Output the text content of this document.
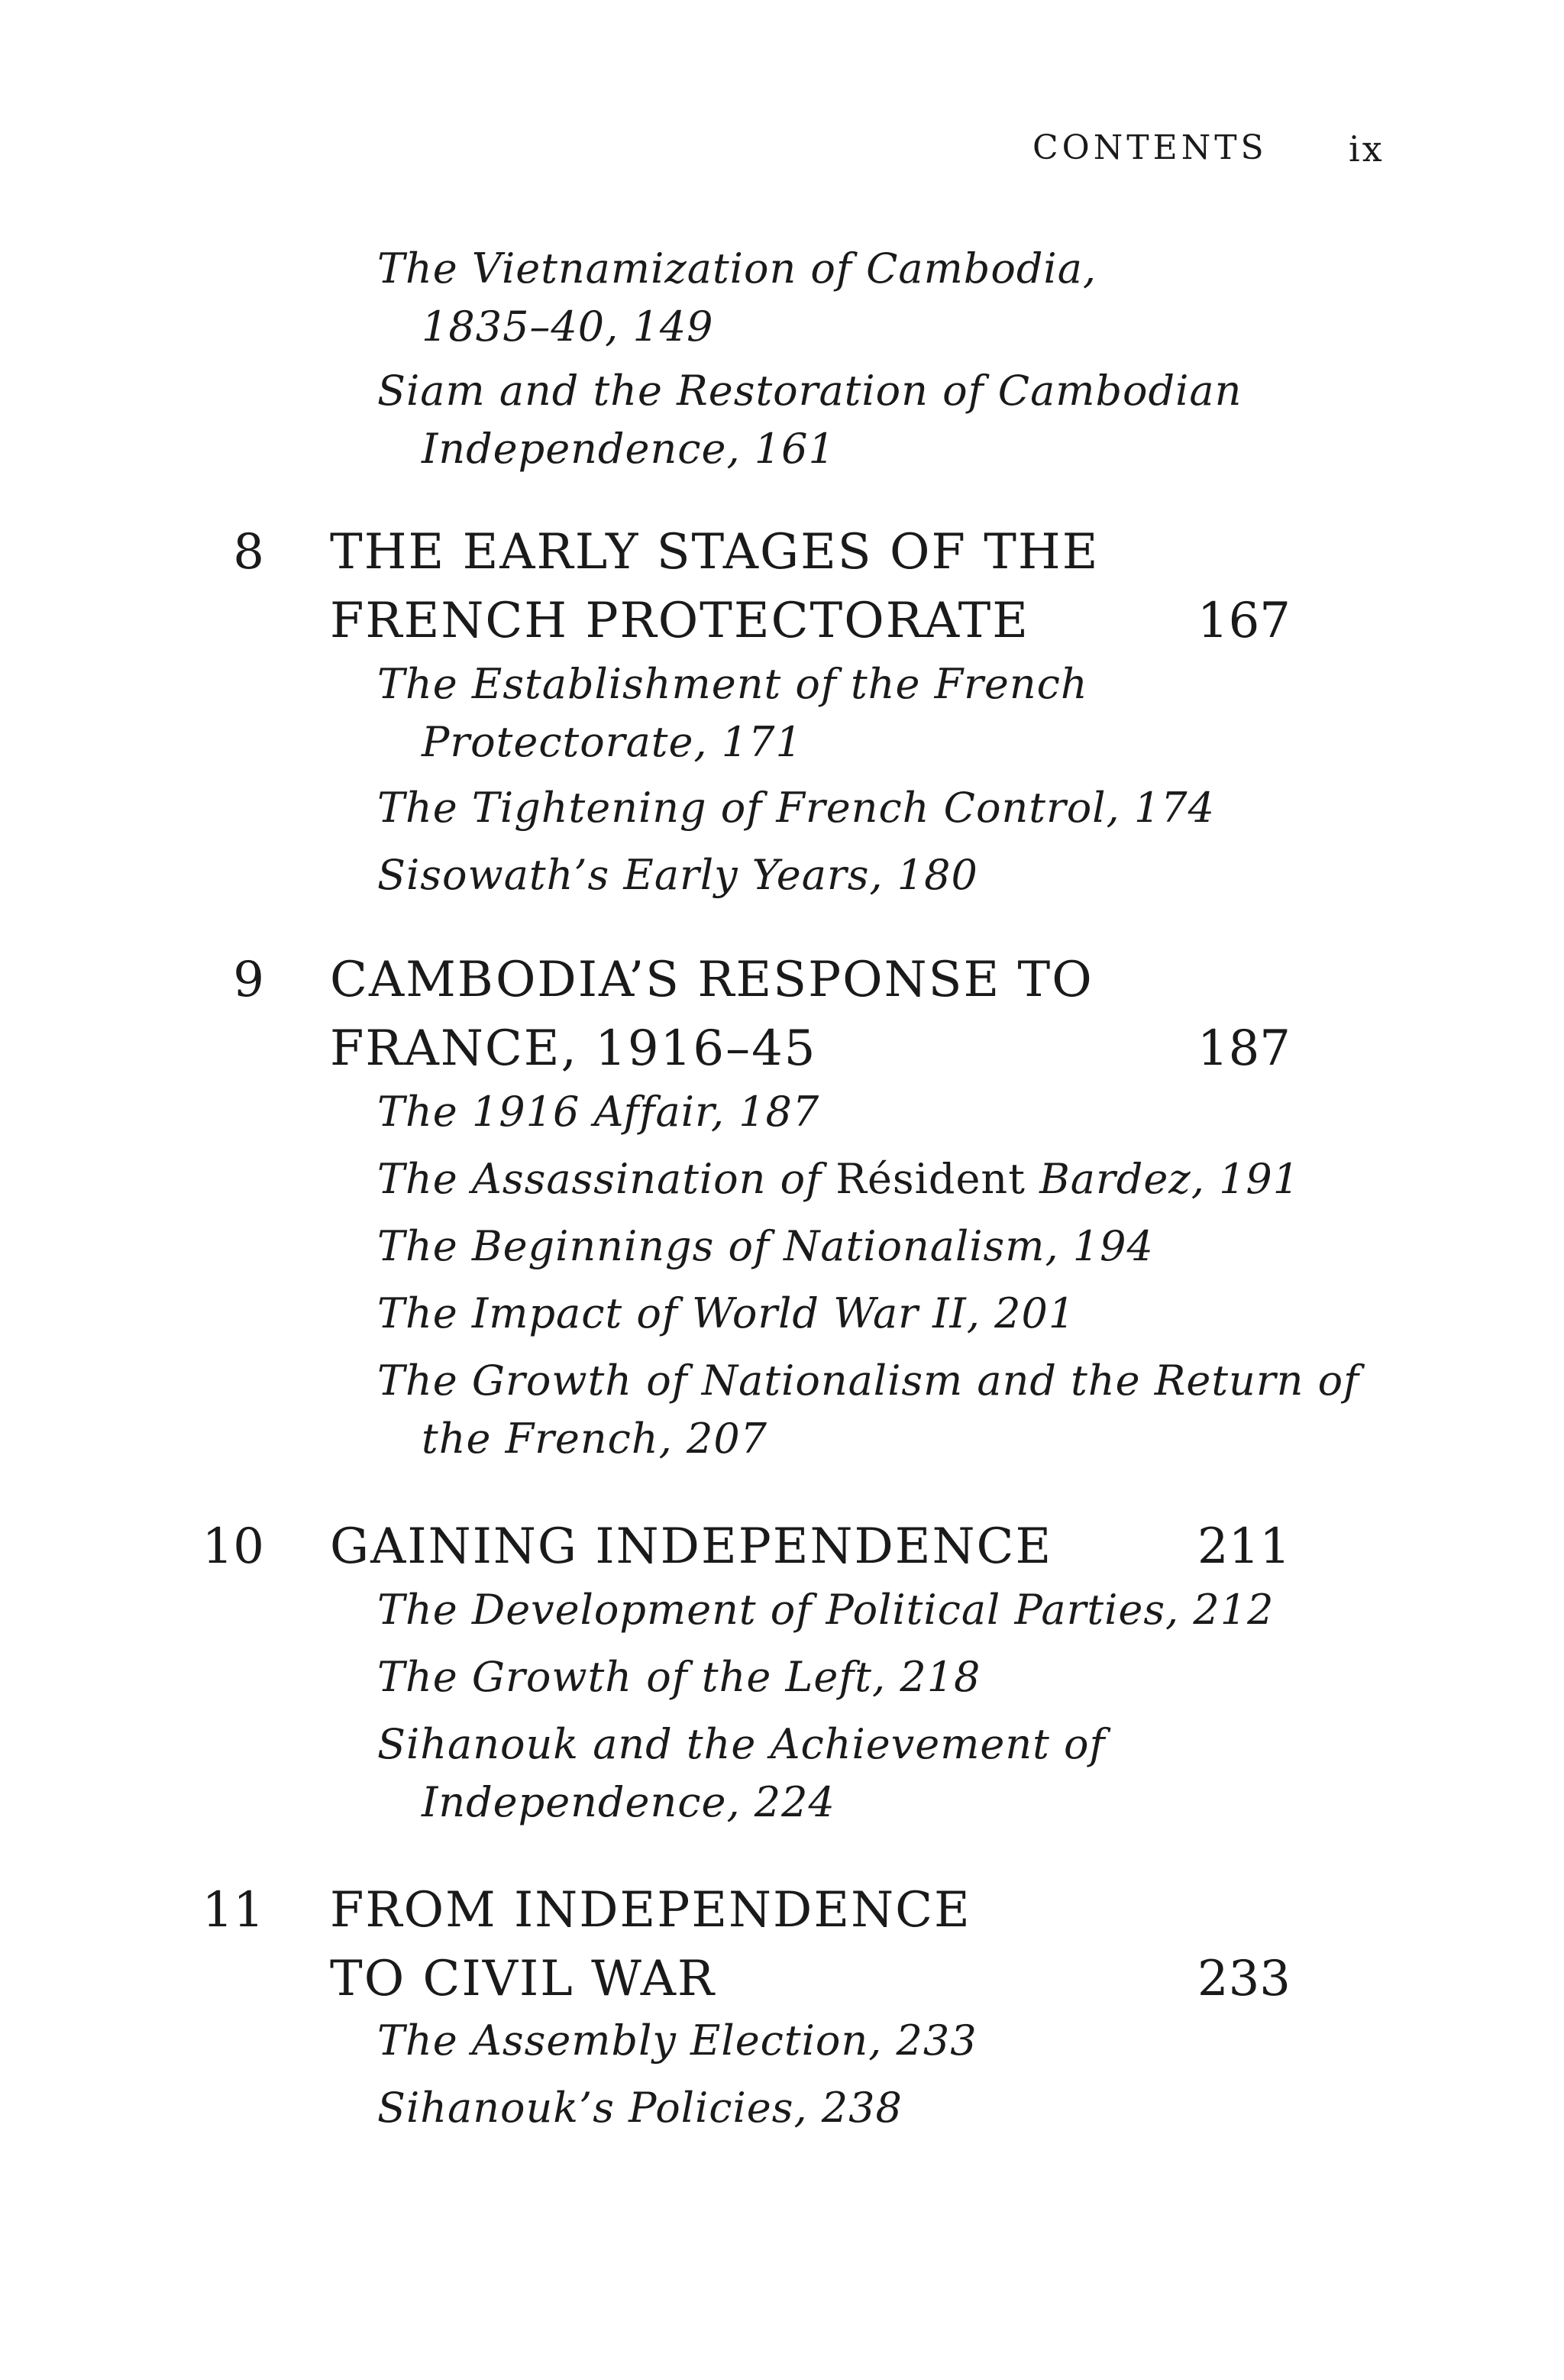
CONTENTS ix
The Vietnamization of Cambodia,
1835–40, 149
Siam and the Restoration of Cambodian
Independence, 161
8 THE EARLY STAGES OF THE
FRENCH PROTECTORATE	167
The Establishment of the French
Protectorate, 171
The Tightening of French Control, 174
Sisowath’s Early Years, 180
9 CAMBODIA’S RESPONSE TO
FRANCE, 1916–45	187
The 1916 Affair, 187
The Assassination of Résident Bardez, 191
The Beginnings of Nationalism, 194
The Impact of World War II, 201
The Growth of Nationalism and the Return of
the French, 207
10 GAINING INDEPENDENCE	211
The Development of Political Parties, 212
The Growth of the Left, 218
Sihanouk and the Achievement of
Independence, 224
11 FROM INDEPENDENCE
TO CIVIL WAR	233
The Assembly Election, 233
Sihanouk’s Policies, 238
